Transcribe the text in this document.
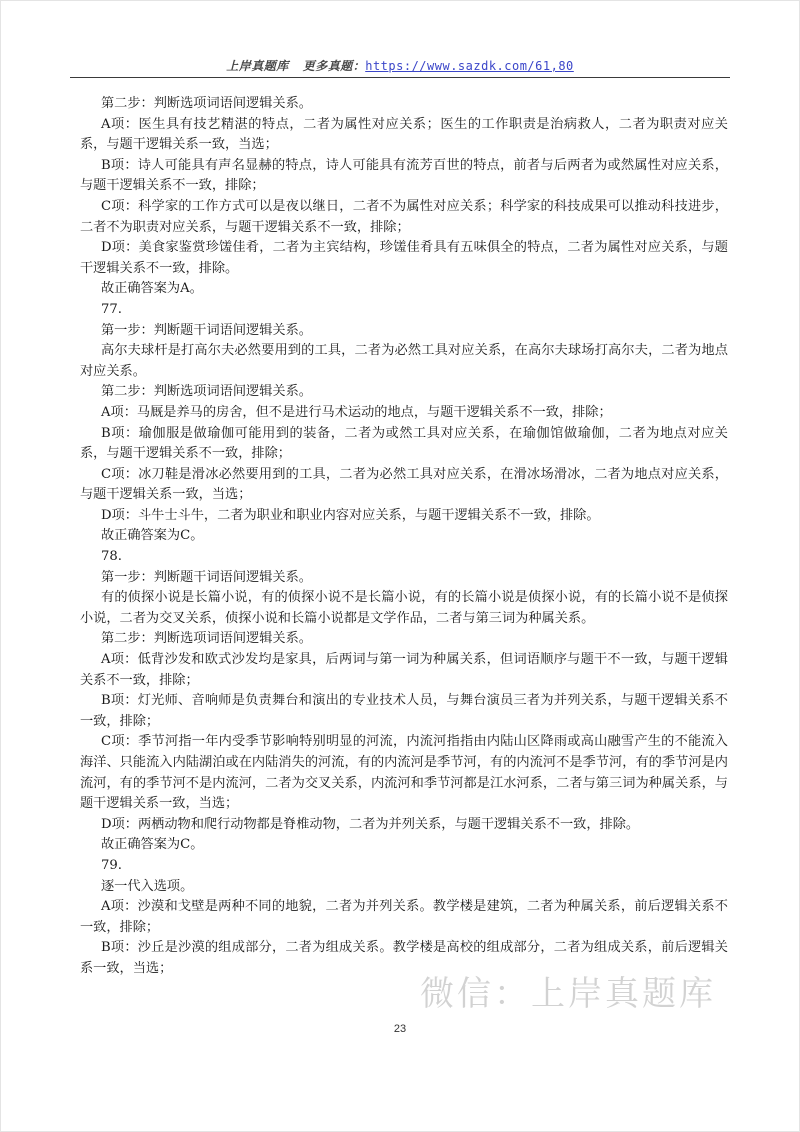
上岸真题库 更多真题：https://www.sazdk.com/61,80

第二步：判断选项词语间逻辑关系。

A项：医生具有技艺精湛的特点，二者为属性对应关系；医生的工作职责是治病救人，二者为职责对应关系，与题干逻辑关系一致，当选；

B项：诗人可能具有声名显赫的特点，诗人可能具有流芳百世的特点，前者与后两者为或然属性对应关系，与题干逻辑关系不一致，排除；

C项：科学家的工作方式可以是夜以继日，二者不为属性对应关系；科学家的科技成果可以推动科技进步，二者不为职责对应关系，与题干逻辑关系不一致，排除；

D项：美食家鉴赏珍馐佳肴，二者为主宾结构，珍馐佳肴具有五味俱全的特点，二者为属性对应关系，与题干逻辑关系不一致，排除。

故正确答案为A。

77.

第一步：判断题干词语间逻辑关系。

高尔夫球杆是打高尔夫必然要用到的工具，二者为必然工具对应关系，在高尔夫球场打高尔夫，二者为地点对应关系。

第二步：判断选项词语间逻辑关系。

A项：马厩是养马的房舍，但不是进行马术运动的地点，与题干逻辑关系不一致，排除；

B项：瑜伽服是做瑜伽可能用到的装备，二者为或然工具对应关系，在瑜伽馆做瑜伽，二者为地点对应关系，与题干逻辑关系不一致，排除；

C项：冰刀鞋是滑冰必然要用到的工具，二者为必然工具对应关系，在滑冰场滑冰，二者为地点对应关系，与题干逻辑关系一致，当选；

D项：斗牛士斗牛，二者为职业和职业内容对应关系，与题干逻辑关系不一致，排除。

故正确答案为C。

78.

第一步：判断题干词语间逻辑关系。

有的侦探小说是长篇小说，有的侦探小说不是长篇小说，有的长篇小说是侦探小说，有的长篇小说不是侦探小说，二者为交叉关系，侦探小说和长篇小说都是文学作品，二者与第三词为种属关系。

第二步：判断选项词语间逻辑关系。

A项：低背沙发和欧式沙发均是家具，后两词与第一词为种属关系，但词语顺序与题干不一致，与题干逻辑关系不一致，排除；

B项：灯光师、音响师是负责舞台和演出的专业技术人员，与舞台演员三者为并列关系，与题干逻辑关系不一致，排除；

C项：季节河指一年内受季节影响特别明显的河流，内流河指指由内陆山区降雨或高山融雪产生的不能流入海洋、只能流入内陆湖泊或在内陆消失的河流，有的内流河是季节河，有的内流河不是季节河，有的季节河是内流河，有的季节河不是内流河，二者为交叉关系，内流河和季节河都是江水河系，二者与第三词为种属关系，与题干逻辑关系一致，当选；

D项：两栖动物和爬行动物都是脊椎动物，二者为并列关系，与题干逻辑关系不一致，排除。

故正确答案为C。

79.

逐一代入选项。

A项：沙漠和戈壁是两种不同的地貌，二者为并列关系。教学楼是建筑，二者为种属关系，前后逻辑关系不一致，排除；

B项：沙丘是沙漠的组成部分，二者为组成关系。教学楼是高校的组成部分，二者为组成关系，前后逻辑关系一致，当选；

微信：上岸真题库
23
